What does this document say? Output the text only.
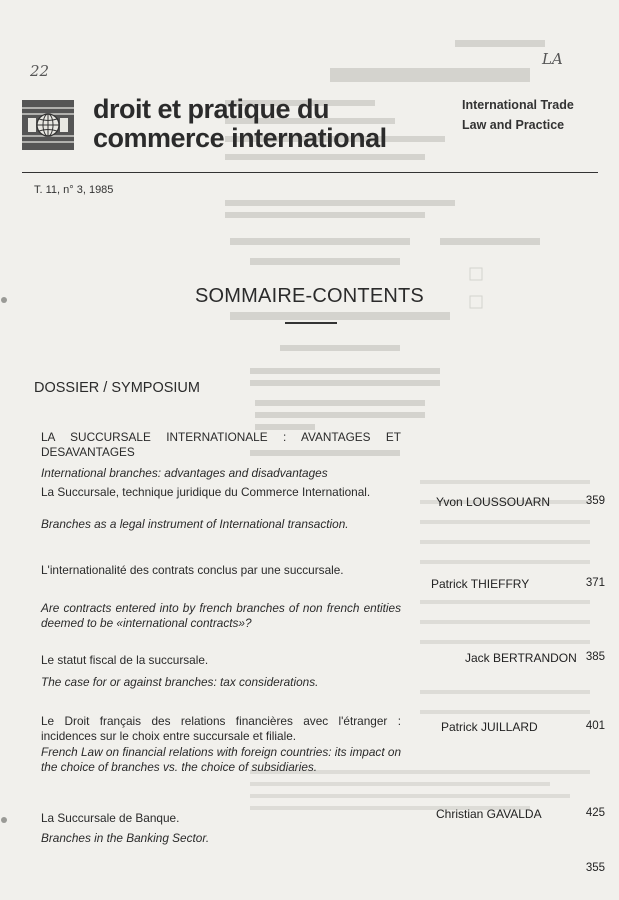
22
LA
droit et pratique du
commerce international
International Trade
Law and Practice
T. 11, n° 3, 1985
SOMMAIRE-CONTENTS
DOSSIER / SYMPOSIUM
LA SUCCURSALE INTERNATIONALE : AVANTAGES ET DESAVANTAGES
International branches: advantages and disadvantages
La Succursale, technique juridique du Commerce International.
Branches as a legal instrument of International transaction.
Yvon LOUSSOUARN	359
L'internationalité des contrats conclus par une succursale.
Are contracts entered into by french branches of non french entities deemed to be «international contracts»?
Patrick THIEFFRY	371
Le statut fiscal de la succursale.
The case for or against branches: tax considerations.
Jack BERTRANDON 385
Le Droit français des relations financières avec l'étranger : incidences sur le choix entre succursale et filiale.
French Law on financial relations with foreign countries: its impact on the choice of branches vs. the choice of subsidiaries.
Patrick JUILLARD	401
La Succursale de Banque.
Branches in the Banking Sector.
Christian GAVALDA	425
355
